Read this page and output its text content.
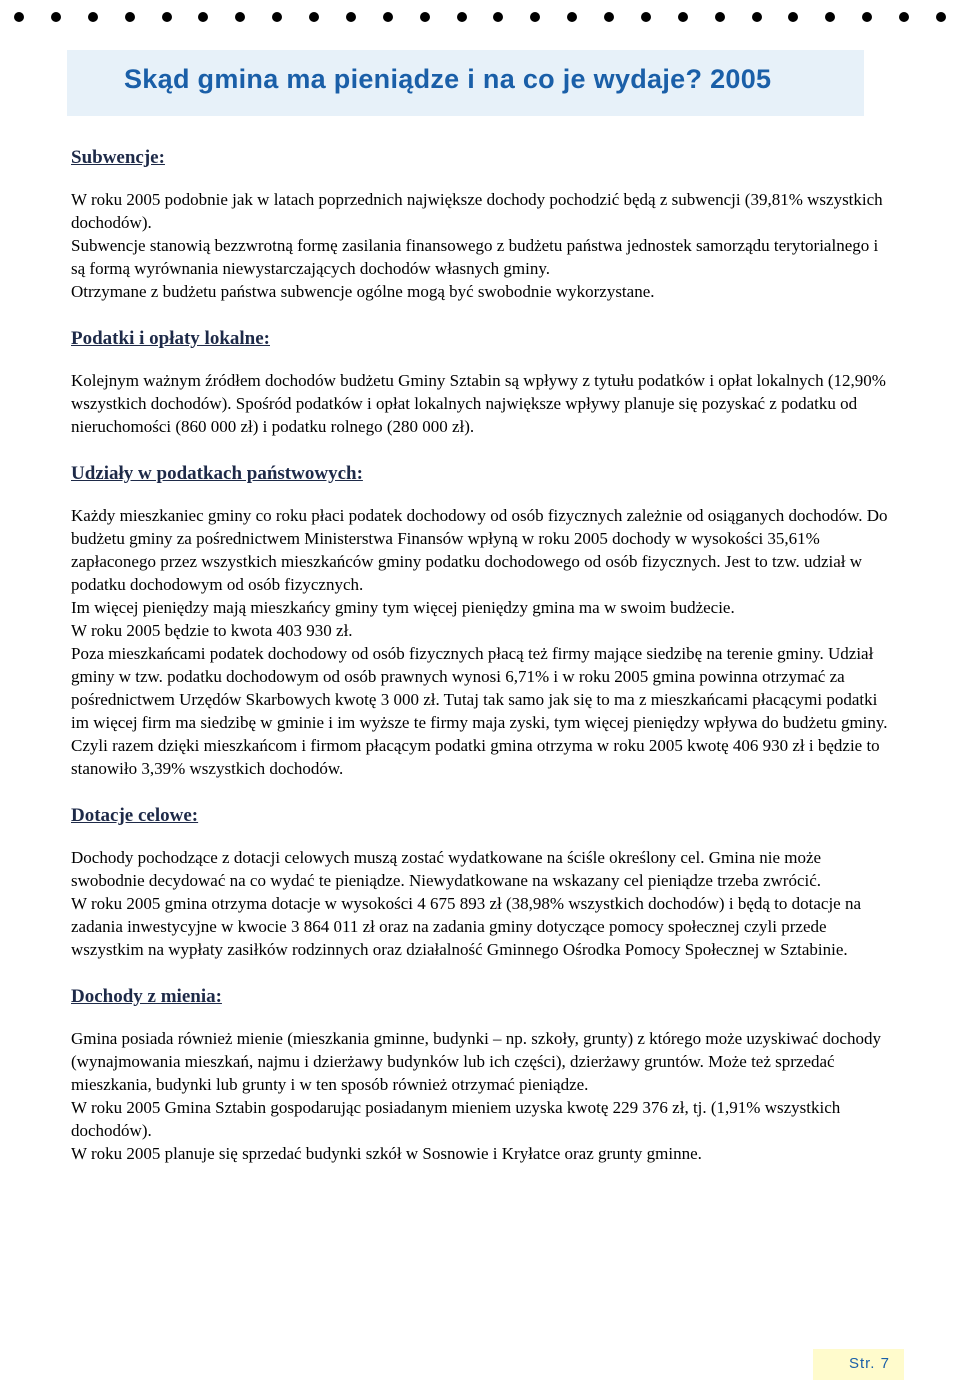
Skąd gmina ma pieniądze i na co je wydaje? 2005
Subwencje:

W roku 2005 podobnie jak w latach poprzednich największe dochody pochodzić będą z subwencji (39,81% wszystkich dochodów).

Subwencje stanowią bezzwrotną formę zasilania finansowego z budżetu państwa jednostek samorządu terytorialnego i są formą wyrównania niewystarczających dochodów własnych gminy.

Otrzymane z budżetu państwa subwencje ogólne mogą być swobodnie wykorzystane.

Podatki i opłaty lokalne:

Kolejnym ważnym źródłem dochodów budżetu Gminy Sztabin są wpływy z tytułu podatków i opłat lokalnych (12,90% wszystkich dochodów). Spośród podatków i opłat lokalnych największe wpływy planuje się pozyskać z podatku od nieruchomości (860 000 zł) i podatku rolnego (280 000 zł).

Udziały w podatkach państwowych:

Każdy mieszkaniec gminy co roku płaci podatek dochodowy od osób fizycznych zależnie od osiąganych dochodów. Do budżetu gminy za pośrednictwem Ministerstwa Finansów wpłyną w roku 2005 dochody w wysokości 35,61% zapłaconego przez wszystkich mieszkańców gminy podatku dochodowego od osób fizycznych. Jest to tzw. udział w podatku dochodowym od osób fizycznych.

Im więcej pieniędzy mają mieszkańcy gminy tym więcej pieniędzy gmina ma w swoim budżecie.

W roku 2005 będzie to kwota 403 930 zł.

Poza mieszkańcami podatek dochodowy od osób fizycznych płacą też firmy mające siedzibę na terenie gminy. Udział gminy w tzw. podatku dochodowym od osób prawnych wynosi 6,71% i w roku 2005 gmina powinna otrzymać za pośrednictwem Urzędów Skarbowych kwotę 3 000 zł. Tutaj tak samo jak się to ma z mieszkańcami płacącymi podatki im więcej firm ma siedzibę w gminie i im wyższe te firmy maja zyski, tym więcej pieniędzy wpływa do budżetu gminy.

Czyli razem dzięki mieszkańcom i firmom płacącym podatki gmina otrzyma w roku 2005 kwotę 406 930 zł i będzie to stanowiło 3,39% wszystkich dochodów.

Dotacje celowe:

Dochody pochodzące z dotacji celowych muszą zostać wydatkowane na ściśle określony cel. Gmina nie może swobodnie decydować na co wydać te pieniądze. Niewydatkowane na wskazany cel pieniądze trzeba zwrócić.

W roku 2005 gmina otrzyma dotacje w wysokości 4 675 893 zł (38,98% wszystkich dochodów) i będą to dotacje na zadania inwestycyjne w kwocie 3 864 011 zł oraz na zadania gminy dotyczące pomocy społecznej czyli przede wszystkim na wypłaty zasiłków rodzinnych oraz działalność Gminnego Ośrodka Pomocy Społecznej w Sztabinie.

Dochody z mienia:

Gmina posiada również mienie (mieszkania gminne, budynki – np. szkoły, grunty) z którego może uzyskiwać dochody (wynajmowania mieszkań, najmu i dzierżawy budynków lub ich części), dzierżawy gruntów. Może też sprzedać mieszkania, budynki lub grunty i w ten sposób również otrzymać pieniądze.

W roku 2005 Gmina Sztabin gospodarując posiadanym mieniem uzyska kwotę 229 376 zł, tj. (1,91% wszystkich dochodów).

W roku 2005 planuje się sprzedać budynki szkół w Sosnowie i Kryłatce oraz grunty gminne.

Str. 7
